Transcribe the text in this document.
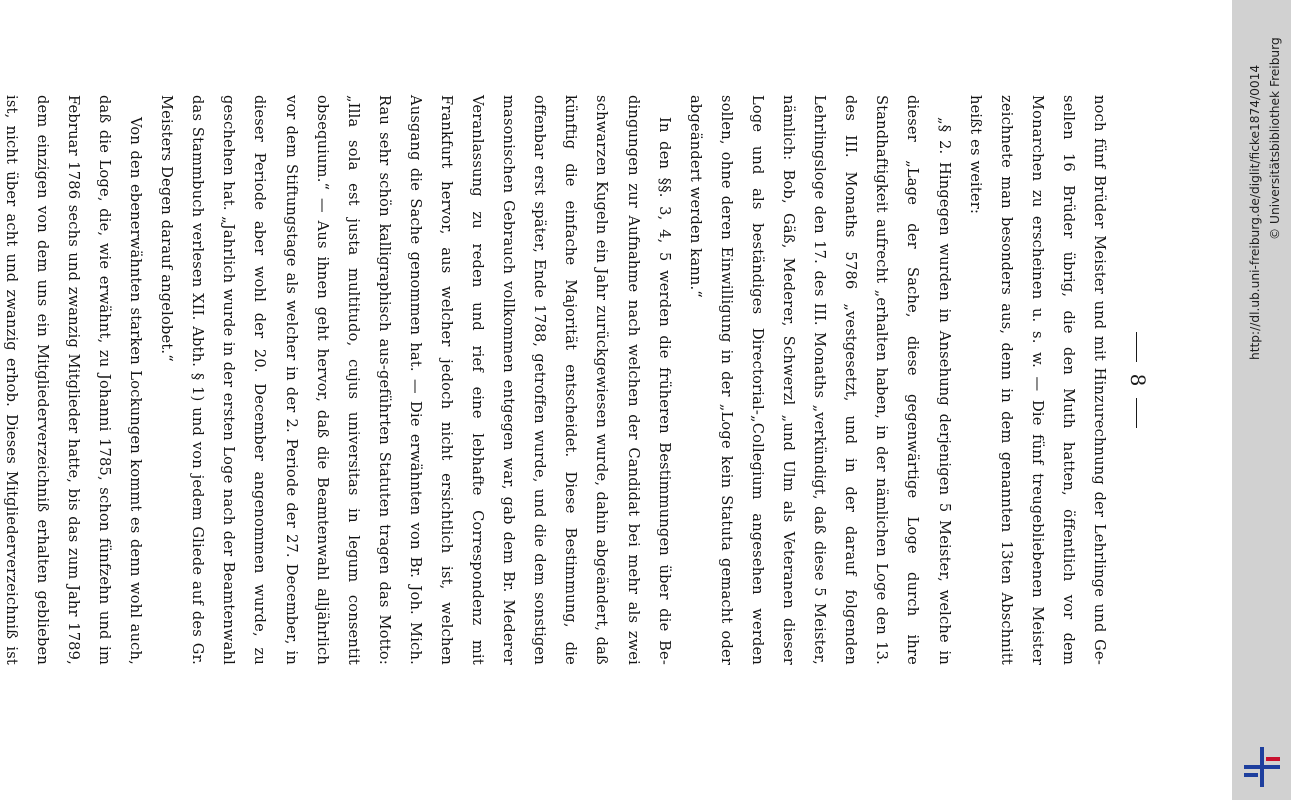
8

noch fünf Brüder Meister und mit Hinzurechnung der Lehrlinge und Ge-sellen 16 Brüder übrig, die den Muth hatten, öffentlich vor dem Monarchen zu erscheinen u. s. w. — Die fünf treugebliebenen Meister zeichnete man besonders aus, denn in dem genannten 13ten Abschnitt heißt es weiter:

„§ 2. Hingegen wurden in Ansehung derjenigen 5 Meister, welche in dieser „Lage der Sache, diese gegenwärtige Loge durch ihre Standhaftigkeit aufrecht „erhalten haben, in der nämlichen Loge den 13. des III. Monaths 5786 „vestgesetzt, und in der darauf folgenden Lehrlingsloge den 17. des III. Monaths „verkündigt, daß diese 5 Meister, nämlich: Bob, Gäß, Mederer, Schwerzl „und Ulm als Veteranen dieser Loge und als beständiges Directorial-„Collegium angesehen werden sollen, ohne deren Einwilligung in der „Loge kein Statuta gemacht oder abgeändert werden kann.“

In den §§. 3, 4, 5 werden die früheren Bestimmungen über die Be-dingungen zur Aufnahme nach welchen der Candidat bei mehr als zwei schwarzen Kugeln ein Jahr zurückgewiesen wurde, dahin abgeändert, daß künftig die einfache Majorität entscheidet. Diese Bestimmung, die offenbar erst später, Ende 1788, getroffen wurde, und die dem sonstigen masonischen Gebrauch vollkommen entgegen war, gab dem Br. Mederer Veranlassung zu reden und rief eine lebhafte Correspondenz mit Frankfurt hervor, aus welcher jedoch nicht ersichtlich ist, welchen Ausgang die Sache genommen hat. — Die erwähnten von Br. Joh. Mich. Rau sehr schön kalligraphisch aus-geführten Statuten tragen das Motto: „Illa sola est justa multitudo, cujus universitas in legum consentit obsequium.“ — Aus ihnen geht hervor, daß die Beamtenwahl alljährlich vor dem Stiftungstage als welcher in der 2. Periode der 27. December, in dieser Periode aber wohl der 20. December angenommen wurde, zu geschehen hat. „Jahrlich wurde in der ersten Loge nach der Beamtenwahl das Stammbuch verlesen XII. Abth. § 1) und von jedem Gliede auf des Gr. Meisters Degen darauf angelobet.“

Von den ebenerwähnten starken Lockungen kommt es denn wohl auch, daß die Loge, die, wie erwähnt, zu Johanni 1785, schon fünfzehn und im Februar 1786 sechs und zwanzig Mitglieder hatte, bis das zum Jahr 1789, dem einzigen von dem uns ein Mitgliederverzeichniß erhalten geblieben ist, nicht über acht und zwanzig erhob. Dieses Mitgliederverzeichniß ist

http://dl.ub.uni-freiburg.de/diglit/ficke1874/0014 © Universitätsbibliothek Freiburg
